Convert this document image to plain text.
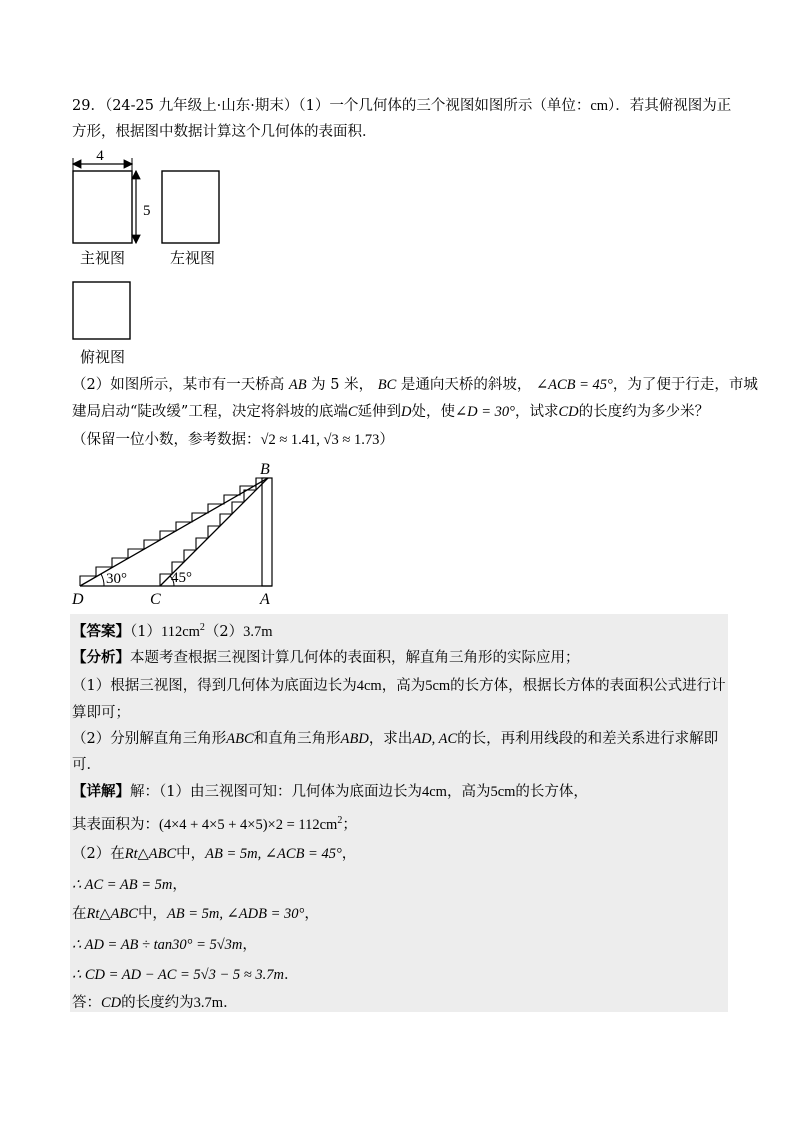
29．（24-25 九年级上·山东·期末）（1）一个几何体的三个视图如图所示（单位：cm）．若其俯视图为正
方形，根据图中数据计算这个几何体的表面积．
4
5
主视图	左视图
俯视图
（2）如图所示，某市有一天桥高 AB 为 5 米， BC 是通向天桥的斜坡， ∠ACB = 45°，为了便于行走，市城
建局启动“陡改缓”工程，决定将斜坡的底端C延伸到D处，使∠D = 30°，试求CD的长度约为多少米？
（保留一位小数，参考数据：√2 ≈ 1.41, √3 ≈ 1.73）
30°	45°
B
D	C	A
【答案】$(1)112cm^2(2)3.7m$
【分析】本题考查根据三视图计算几何体的表面积，解直角三角形的实际应用；
（1）根据三视图，得到几何体为底面边长为4cm，高为5cm的长方体，根据长方体的表面积公式进行计
算即可；
（2）分别解直角三角形ABC和直角三角形ABD，求出AD, AC的长，再利用线段的和差关系进行求解即
可．
【详解】解：（1）由三视图可知：几何体为底面边长为4cm，高为5cm的长方体，
其表面积为：$(4\times 4 + 4\times 5 + 4\times 5)\times 2 = 112cm^2$；
（2）在Rt△ABC中，AB = 5m, ∠ACB = 45°，
∴ AC = AB = 5m，
在Rt△ABC中，AB = 5m, ∠ADB = 30°，
∴ AD = AB ÷ tan30° = 5√3m，
∴ CD = AD − AC = 5√3 − 5 ≈ 3.7m．
答：CD的长度约为3.7m．
